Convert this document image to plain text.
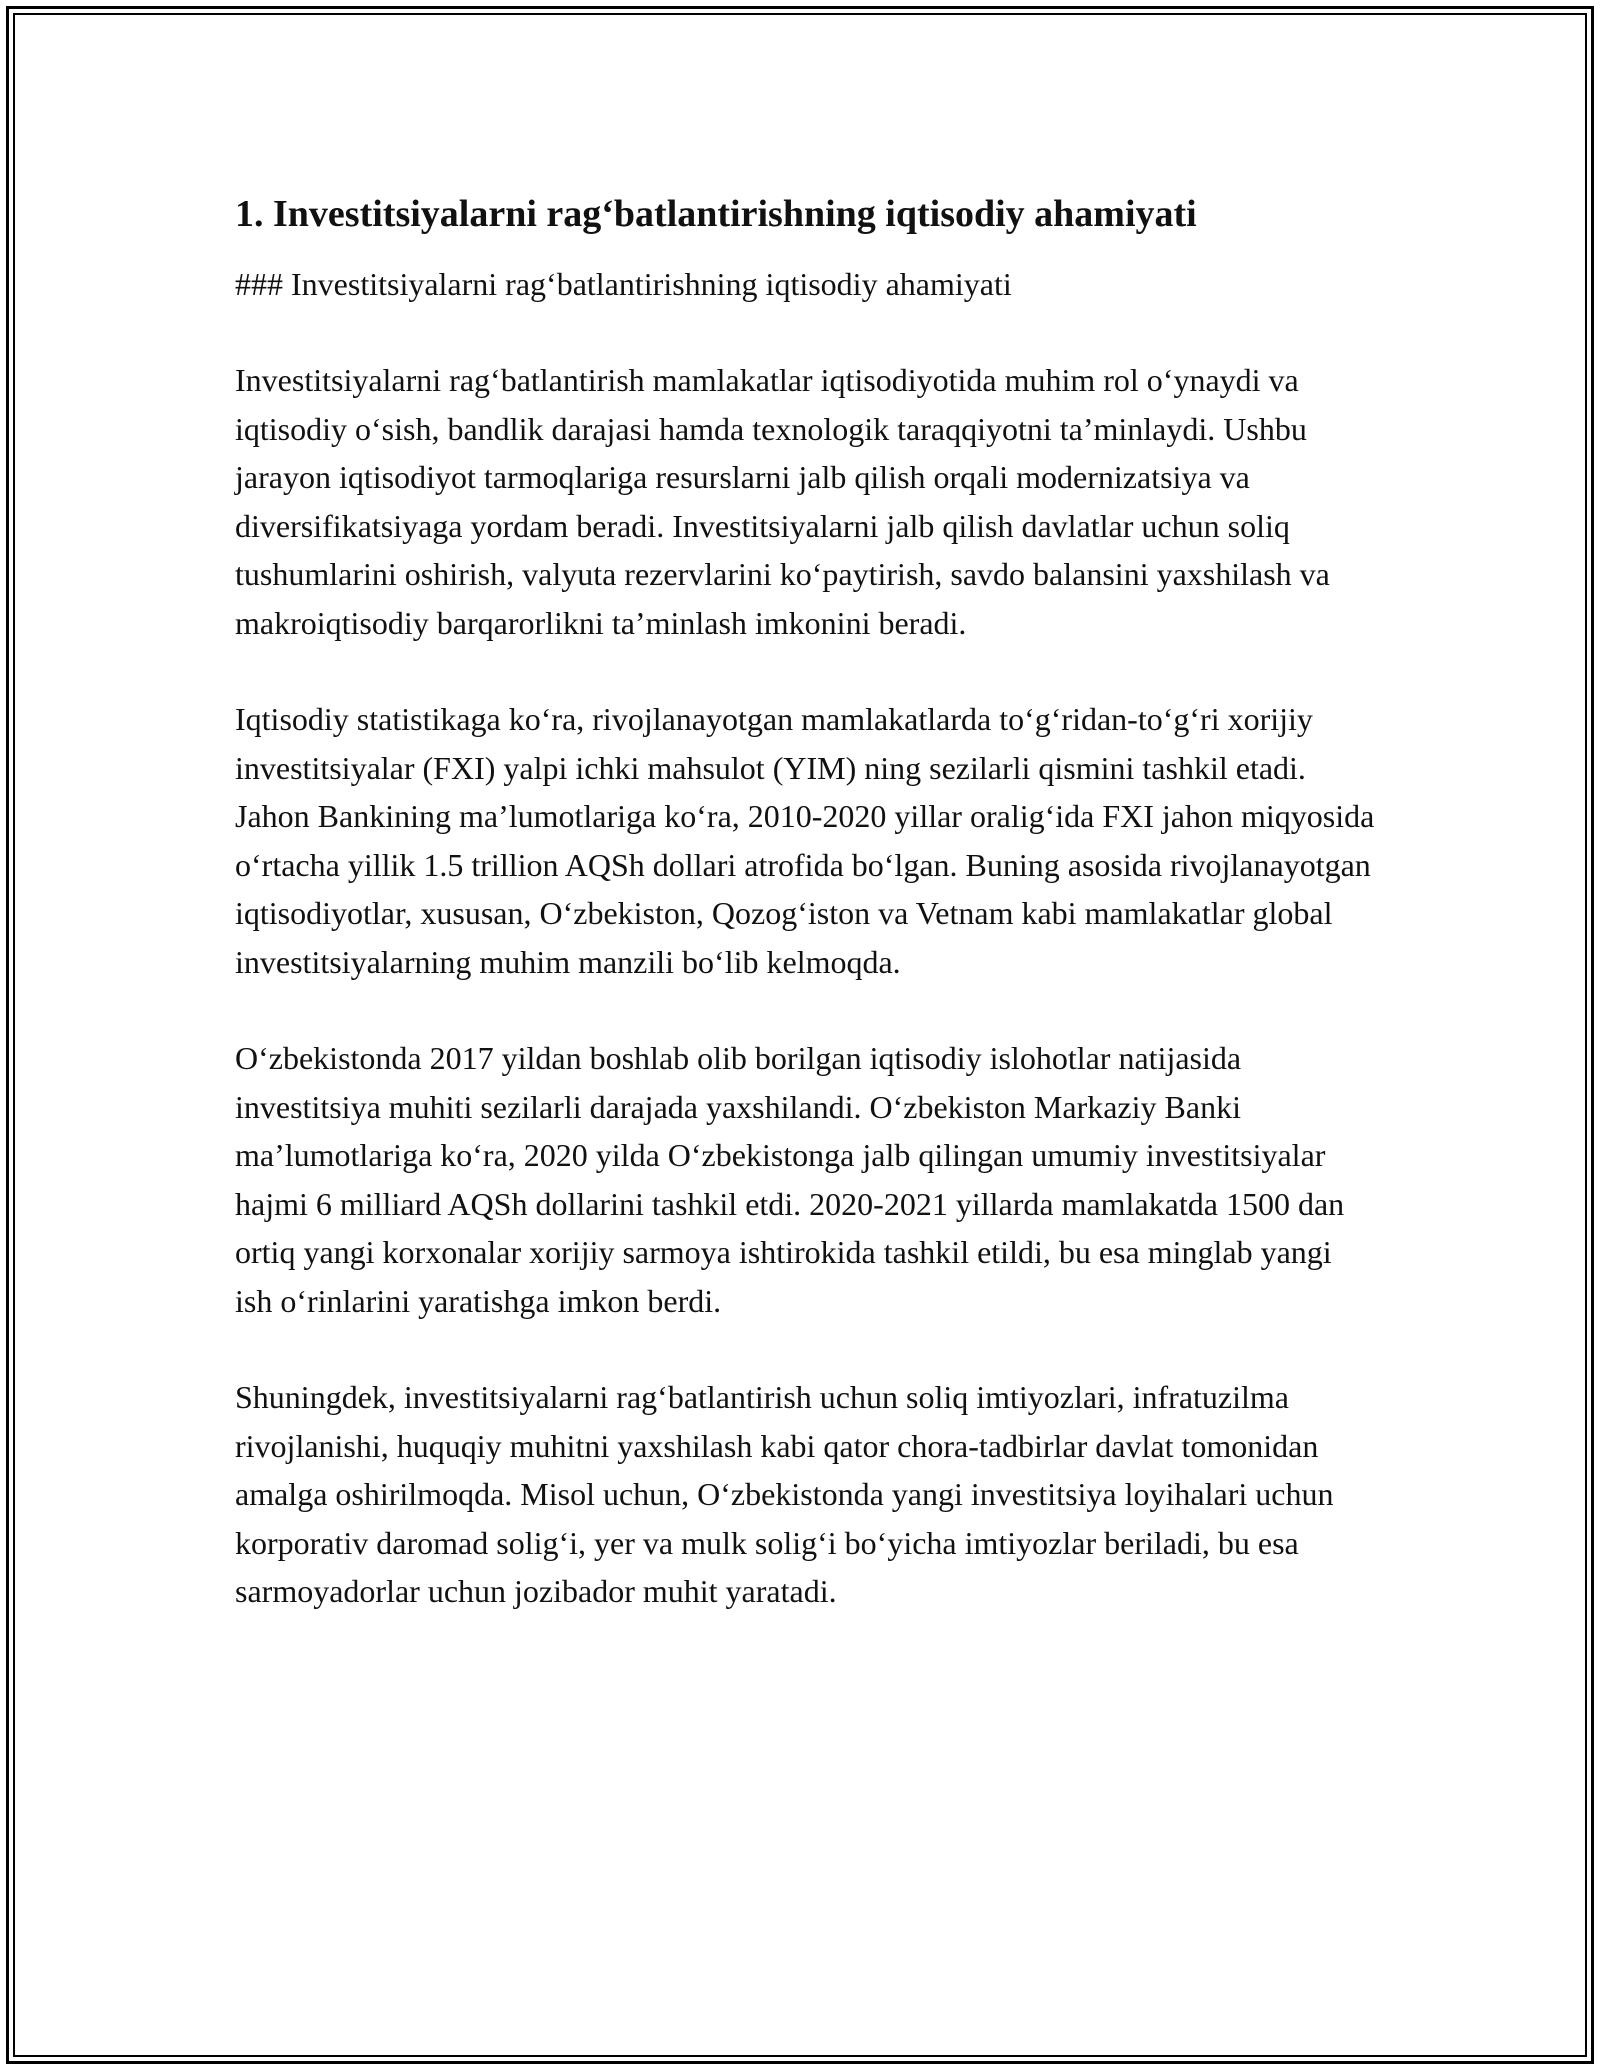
1. Investitsiyalarni rag‘batlantirishning iqtisodiy ahamiyati

### Investitsiyalarni rag‘batlantirishning iqtisodiy ahamiyati

Investitsiyalarni rag‘batlantirish mamlakatlar iqtisodiyotida muhim rol o‘ynaydi va iqtisodiy o‘sish, bandlik darajasi hamda texnologik taraqqiyotni ta’minlaydi. Ushbu jarayon iqtisodiyot tarmoqlariga resurslarni jalb qilish orqali modernizatsiya va diversifikatsiyaga yordam beradi. Investitsiyalarni jalb qilish davlatlar uchun soliq tushumlarini oshirish, valyuta rezervlarini ko‘paytirish, savdo balansini yaxshilash va makroiqtisodiy barqarorlikni ta’minlash imkonini beradi.

Iqtisodiy statistikaga ko‘ra, rivojlanayotgan mamlakatlarda to‘g‘ridan-to‘g‘ri xorijiy investitsiyalar (FXI) yalpi ichki mahsulot (YIM) ning sezilarli qismini tashkil etadi. Jahon Bankining ma’lumotlariga ko‘ra, 2010-2020 yillar oralig‘ida FXI jahon miqyosida o‘rtacha yillik 1.5 trillion AQSh dollari atrofida bo‘lgan. Buning asosida rivojlanayotgan iqtisodiyotlar, xususan, O‘zbekiston, Qozog‘iston va Vetnam kabi mamlakatlar global investitsiyalarning muhim manzili bo‘lib kelmoqda.

O‘zbekistonda 2017 yildan boshlab olib borilgan iqtisodiy islohotlar natijasida investitsiya muhiti sezilarli darajada yaxshilandi. O‘zbekiston Markaziy Banki ma’lumotlariga ko‘ra, 2020 yilda O‘zbekistonga jalb qilingan umumiy investitsiyalar hajmi 6 milliard AQSh dollarini tashkil etdi. 2020-2021 yillarda mamlakatda 1500 dan ortiq yangi korxonalar xorijiy sarmoya ishtirokida tashkil etildi, bu esa minglab yangi ish o‘rinlarini yaratishga imkon berdi.

Shuningdek, investitsiyalarni rag‘batlantirish uchun soliq imtiyozlari, infratuzilma rivojlanishi, huquqiy muhitni yaxshilash kabi qator chora-tadbirlar davlat tomonidan amalga oshirilmoqda. Misol uchun, O‘zbekistonda yangi investitsiya loyihalari uchun korporativ daromad solig‘i, yer va mulk solig‘i bo‘yicha imtiyozlar beriladi, bu esa sarmoyadorlar uchun jozibador muhit yaratadi.
